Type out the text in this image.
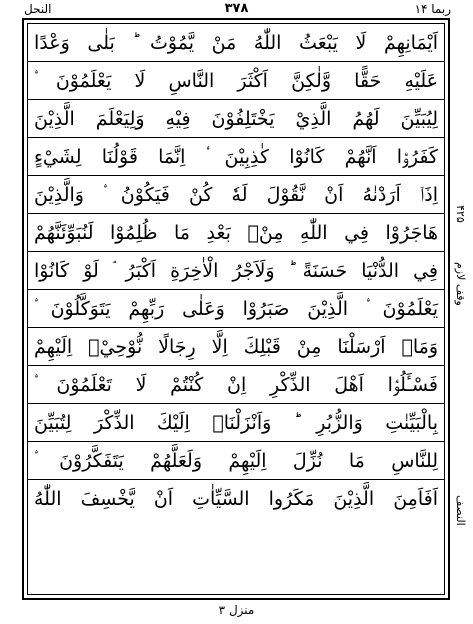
النحل	۳۷۸	ربما ۱۴
اَيْمَانِهِمْ لَا يَبْعَثُ اللّٰهُ مَنْ يَّمُوْتُ ؕ بَلٰى وَعْدًا
عَلَيْهِ حَقًّا وَّلٰكِنَّ اَكْثَرَ النَّاسِ لَا يَعْلَمُوْنَ ۟
لِيُبَيِّنَ لَهُمُ الَّذِيْ يَخْتَلِفُوْنَ فِيْهِ وَلِيَعْلَمَ الَّذِيْنَ
كَفَرُوْۤا اَنَّهُمْ كَانُوْا كٰذِبِيْنَ ۟ اِنَّمَا قَوْلُنَا لِشَيْءٍ
اِذَاۤ اَرَدْنٰهُ اَنْ نَّقُوْلَ لَهٗ كُنْ فَيَكُوْنُ ۟ وَالَّذِيْنَ
هَاجَرُوْا فِي اللّٰهِ مِنْۢ بَعْدِ مَا ظُلِمُوْا لَنُبَوِّئَنَّهُمْ
فِي الدُّنْيَا حَسَنَةً ؕ وَلَاَجْرُ الْاٰخِرَةِ اَكْبَرُ ۘ لَوْ كَانُوْا
يَعْلَمُوْنَ ۟ الَّذِيْنَ صَبَرُوْا وَعَلٰى رَبِّهِمْ يَتَوَكَّلُوْنَ ۟
وَمَاۤ اَرْسَلْنَا مِنْ قَبْلِكَ اِلَّا رِجَالًا نُّوْحِيْۤ اِلَيْهِمْ
فَسْـَٔلُوْۤا اَهْلَ الذِّكْرِ اِنْ كُنْتُمْ لَا تَعْلَمُوْنَ ۟
بِالْبَيِّنٰتِ وَالزُّبُرِ ؕ وَاَنْزَلْنَاۤ اِلَيْكَ الذِّكْرَ لِتُبَيِّنَ
لِلنَّاسِ مَا نُزِّلَ اِلَيْهِمْ وَلَعَلَّهُمْ يَتَفَكَّرُوْنَ ۟
اَفَاَمِنَ الَّذِيْنَ مَكَرُوا السَّيِّاٰتِ اَنْ يَّخْسِفَ اللّٰهُ
۴۲۵
وقف لازم
النصف
منزل ۳
